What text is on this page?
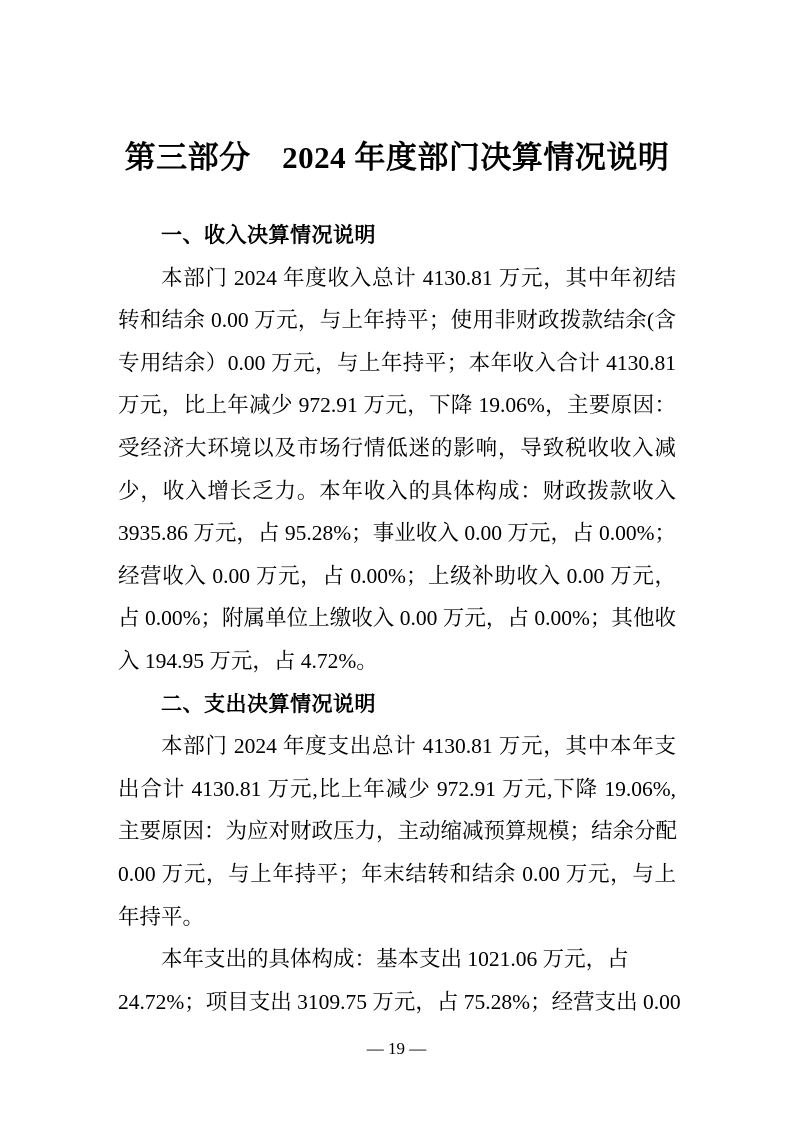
第三部分　2024 年度部门决算情况说明
一、收入决算情况说明
本部门 2024 年度收入总计 4130.81 万元，其中年初结
转和结余 0.00 万元，与上年持平；使用非财政拨款结余(含
专用结余）0.00 万元，与上年持平；本年收入合计 4130.81
万元，比上年减少 972.91 万元，下降 19.06%，主要原因：
受经济大环境以及市场行情低迷的影响，导致税收收入减
少，收入增长乏力。本年收入的具体构成：财政拨款收入
3935.86 万元，占 95.28%；事业收入 0.00 万元，占 0.00%；
经营收入 0.00 万元，占 0.00%；上级补助收入 0.00 万元，
占 0.00%；附属单位上缴收入 0.00 万元，占 0.00%；其他收
入 194.95 万元，占 4.72%。
二、支出决算情况说明
本部门 2024 年度支出总计 4130.81 万元，其中本年支
出合计 4130.81 万元,比上年减少 972.91 万元,下降 19.06%,
主要原因：为应对财政压力，主动缩减预算规模；结余分配
0.00 万元，与上年持平；年末结转和结余 0.00 万元，与上
年持平。
本年支出的具体构成：基本支出 1021.06 万元，占
24.72%；项目支出 3109.75 万元，占 75.28%；经营支出 0.00
— 19 —
